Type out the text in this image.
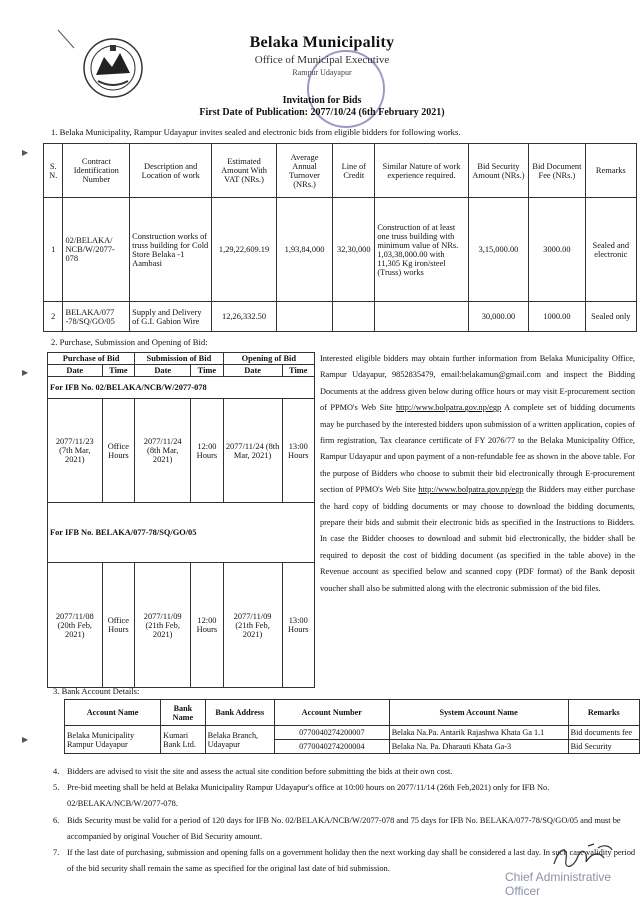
▶
▶
▶
Belaka Municipality
Office of Municipal Executive
Rampur Udayapur
Invitation for Bids
First Date of Publication: 2077/10/24 (6th February 2021)
1. Belaka Municipality, Rampur Udayapur invites sealed and electronic bids from eligible bidders for following works.
S. N.	Contract Identification Number	Description and Location of work	Estimated Amount With VAT (NRs.)	Average Annual Turnover (NRs.)	Line of Credit	Similar Nature of work experience required.	Bid Security Amount (NRs.)	Bid Document Fee (NRs.)	Remarks
1	02/BELAKA/ NCB/W/2077-078	Construction works of truss building for Cold Store Belaka -1 Aambasi	1,29,22,609.19	1,93,84,000	32,30,000	Construction of at least one truss building with minimum value of NRs. 1,03,38,000.00 with 11,305 Kg iron/steel (Truss) works	3,15,000.00	3000.00	Sealed and electronic
2	BELAKA/077 -78/SQ/GO/05	Supply and Delivery of G.I. Gabion Wire	12,26,332.50				30,000.00	1000.00	Sealed only
2. Purchase, Submission and Opening of Bid:
Purchase of Bid		Submission of Bid		Opening of Bid	
Date	Time	Date	Time	Date	Time
For IFB No. 02/BELAKA/NCB/W/2077-078					
2077/11/23 (7th Mar, 2021)	Office Hours	2077/11/24 (8th Mar, 2021)	12:00 Hours	2077/11/24 (8th Mar, 2021)	13:00 Hours
For IFB No. BELAKA/077-78/SQ/GO/05					
2077/11/08 (20th Feb, 2021)	Office Hours	2077/11/09 (21th Feb, 2021)	12:00 Hours	2077/11/09 (21th Feb, 2021)	13:00 Hours
Interested eligible bidders may obtain further information from Belaka Municipality Office, Rampur Udayapur, 9852835479, email:belakamun@gmail.com and inspect the Bidding Documents at the address given below during office hours or may visit E-procurement section of PPMO's Web Site http://www.bolpatra.gov.np/egp A complete set of bidding documents may be purchased by the interested bidders upon submission of a written application, copies of firm registration, Tax clearance certificate of FY 2076/77 to the Belaka Municipality Office, Rampur Udayapur and upon payment of a non-refundable fee as shown in the above table. For the purpose of Bidders who choose to submit their bid electronically through E-procurement section of PPMO's Web Site http://www.bolpatra.gov.np/egp the Bidders may either purchase the hard copy of bidding documents or may choose to download the bidding documents, prepare their bids and submit their electronic bids as specified in the Instructions to Bidders. In case the Bidder chooses to download and submit bid electronically, the bidder shall be required to deposit the cost of bidding document (as specified in the table above) in the Revenue account as specified below and scanned copy (PDF format) of the Bank deposit voucher shall also be submitted along with the electronic submission of the bid files.
3. Bank Account Details:
Account Name	Bank Name	Bank Address	Account Number	System Account Name	Remarks
Belaka Municipality Rampur Udayapur	Kumari Bank Ltd.	Belaka Branch, Udayapur	0770040274200007	Belaka Na.Pa. Antarik Rajashwa Khata Ga 1.1	Bid documents fee
			0770040274200004	Belaka Na. Pa. Dharauti Khata Ga-3	Bid Security
4. Bidders are advised to visit the site and assess the actual site condition before submitting the bids at their own cost.
5. Pre-bid meeting shall be held at Belaka Municipality Rampur Udayapur's office at 10:00 hours on 2077/11/14 (26th Feb,2021) only for IFB No. 02/BELAKA/NCB/W/2077-078.
6. Bids Security must be valid for a period of 120 days for IFB No. 02/BELAKA/NCB/W/2077-078 and 75 days for IFB No. BELAKA/077-78/SQ/GO/05 and must be accompanied by original Voucher of Bid Security amount.
7. If the last date of purchasing, submission and opening falls on a government holiday then the next working day shall be considered a last day. In such case validity period of the bid security shall remain the same as specified for the original last date of bid submission.
Chief Administrative Officer
